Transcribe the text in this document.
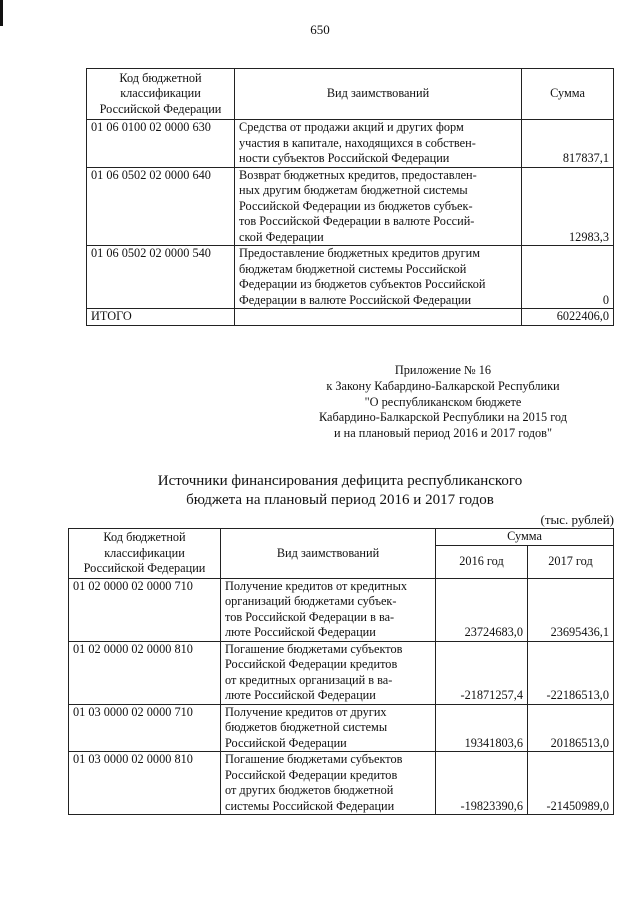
650
Код бюджетной
классификации
Российской Федерации	Вид заимствований	Сумма
01 06 0100 02 0000 630	Средства от продажи акций и других форм
участия в капитале, находящихся в собствен-
ности субъектов Российской Федерации	817837,1
01 06 0502 02 0000 640	Возврат бюджетных кредитов, предоставлен-
ных другим бюджетам бюджетной системы
Российской Федерации из бюджетов субъек-
тов Российской Федерации в валюте Россий-
ской Федерации	12983,3
01 06 0502 02 0000 540	Предоставление бюджетных кредитов другим
бюджетам бюджетной системы Российской
Федерации из бюджетов субъектов Российской
Федерации в валюте Российской Федерации	0
ИТОГО		6022406,0
Приложение № 16
к Закону Кабардино-Балкарской Республики
"О республиканском бюджете
Кабардино-Балкарской Республики на 2015 год
и на плановый период 2016 и 2017 годов"
Источники финансирования дефицита республиканского
бюджета на плановый период 2016 и 2017 годов
(тыс. рублей)
Код бюджетной
классификации
Российской Федерации	Вид заимствований	Сумма	
		2016 год	2017 год
01 02 0000 02 0000 710	Получение кредитов от кредитных
организаций бюджетами субъек-
тов Российской Федерации в ва-
люте Российской Федерации	23724683,0	23695436,1
01 02 0000 02 0000 810	Погашение бюджетами субъектов
Российской Федерации кредитов
от кредитных организаций в ва-
люте Российской Федерации	-21871257,4	-22186513,0
01 03 0000 02 0000 710	Получение кредитов от других
бюджетов бюджетной системы
Российской Федерации	19341803,6	20186513,0
01 03 0000 02 0000 810	Погашение бюджетами субъектов
Российской Федерации кредитов
от других бюджетов бюджетной
системы Российской Федерации	-19823390,6	-21450989,0
